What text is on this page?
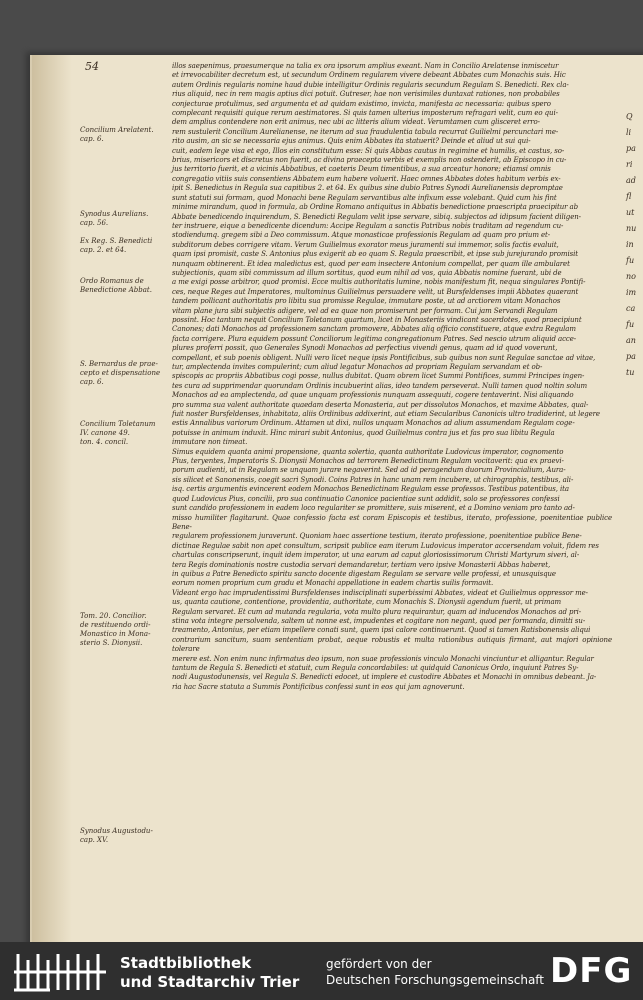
54

Concilium Arelatent.
cap. 6.

Synodus Aurelians.
cap. 56.

Ex Reg. S. Benedicti
cap. 2. et 64.

Ordo Romanus de
Benedictione Abbat.

S. Bernardus de prae-
cepto et dispensatione
cap. 6.

Concilium Toletanum
IV. canone 49.
ton. 4. concil.

Tom. 20. Concilior.
de restituendo ordi-
Monastico in Mona-
sterio S. Dionysii.

Synodus Augustodu-
cap. XV.

illos saepenimus, praesumerque na talia ex ora ipsorum amplius exeant. Nam in Concilio Arelatense inmiscetur
et irrevocabiliter decretum est, ut secundum Ordinem regularem vivere debeant Abbates cum Monachis suis. Hic
autem Ordinis regularis nomine haud dubie intelligitur Ordinis regularis secundum Regulam S. Benedicti. Rex cla-
rius aliquid, nec in rem magis aptius dici potuit. Gutreser, hae non verisimiles duntaxat rationes, non probabiles
conjecturae protulimus, sed argumenta et ad quidam existimo, invicta, manifesta ac necessaria: quibus spero
complecant requisiti quique rerum aestimatores. Si quis tamen ulterius imposterum refragari velit, cum eo qui-
dem amplius contendere non erit animus, nec ubi ac litteris alium videat. Verumtamen cum glisceret erro-
rem sustulerit Concilium Aurelianense, ne iterum ad sua fraudulentia tabula recurrat Guilielmi percunctari me-
rito ausim, an sic se necessaria ejus animus. Quis enim Abbates ita statuerit? Deinde et aliud ut sui qui-
cuit, eadem lege visa et ego, Illos ein constitutum esse: Si quis Abbas cautus in regimine et humilis, et castus, so-
brius, misericors et discretus non fuerit, ac divina praecepta verbis et exemplis non ostenderit, ab Episcopo in cu-
jus territorio fuerit, et a vicinis Abbatibus, et caeteris Deum timentibus, a sua arceatur honore; etiamsi omnis
congregatio vitiis suis consentiens Abbatem eum habere voluerit. Haec omnes Abbates dotes habitum verbis ex-
ipit S. Benedictus in Regula sua capitibus 2. et 64. Ex quibus sine dubio Patres Synodi Aurelianensis depromptae
sunt statuti sui formam, quod Monachi bene Regulam servantibus alte infixum esse volebant. Quid cum his fint
minime mirandum, quod in formula, ab Ordine Romano antiquitus in Abbatis benedictione praescripta praecipitur ab
Abbate benedicendo inquirendum, S. Benedicti Regulam velit ipse servare, sibiq. subjectos ad idipsum facient diligen-
ter instruere, eique a benedicente dicendum: Accipe Regulam a sanctis Patribus nobis traditam ad regendum cu-
stodiendumq. gregem sibi a Deo commissum. Atque monasticae professionis Regulam ad quam pro prium et-
subditorum debes corrigere vitam. Verum Guilielmus exorator meus juramenti sui immemor, solis factis evaluit,
quam ipsi promisit, caste S. Antonius plus exigerit ab eo quam S. Regula praescribit, et ipse sub jurejurando promisit
nunquam obtinerent. Et idea maledictus est, quod per eam insectere Antonium compellat, per quam ille ambularet
subjectionis, quam sibi commissum ad illum sortitus, quod eum nihil ad vos, quia Abbatis nomine fuerant, ubi de
a me exigi posse arbitror, quod promisi. Ecce multis authoritatis lumine, nobis manifestum fit, nequa singulares Pontifi-
ces, neque Reges aut Imperatores, multominus Guilielmus persuadere velit, ut Bursfeldenses impii Abbates quaerant
tandem pollicant authoritatis pro libitu sua promisse Regulae, immutare poste, ut ad arctiorem vitam Monachos
vitam plane jura sibi subjectis adigere, vel ad ea quae non promiserunt per formam. Cui jam Servandi Regulam
possint. Hoc tantum nequit Concilium Toletanum quartum, licet in Monasteriis vindicant sacerdotes, quod praecipiunt
Canones; dati Monachos ad professionem sanctam promovere, Abbates aliq officio constituere, atque extra Regulam
facta corrigere. Plura equidem possunt Conciliorum legitima congregationum Patres. Sed nescio utrum aliquid acce-
plures proferri possit, quo Generales Synodi Monachos ad perfectius vivendi genus, quam ad id quod voverunt,
compellant, et sub poenis obligent. Nulli vero licet neque ipsis Pontificibus, sub quibus non sunt Regulae sanctae ad vitae,
tur, amplectenda invites compulerint; cum aliud legatur Monachos ad propriam Regulam servandam et ob-
spiscopis ac propriis Abbatibus cogi posse, nullus dubitat. Quam obrem licet Summi Pontifices, summi Principes ingen-
tes cura ad supprimendar quorundam Ordinis incubuerint alias, ideo tandem perseverat. Nulli tamen quod noltin solum
Monachos ad ea amplectenda, ad quae unquam professionis nunquam assequuti, cogere tentaverint. Nisi aliquando
pro summa sua valent authoritate quaedam deserta Monasteria, aut per dissolutos Monachos, et maxime Abbates, qual-
fuit noster Bursfeldenses, inhabitata, aliis Ordinibus addixerint, aut etiam Secularibus Canonicis ultro tradiderint, ut legere
estis Annalibus variorum Ordinum. Attamen ut dixi, nullos unquam Monachos ad alium assumendam Regulam coge-
potuisse in animum induxit. Hinc mirari subit Antonius, quod Guilielmus contra jus et fas pro sua libitu Regula
immutare non timeat.
Simus equidem quanta animi propensione, quanta solertia, quanta authoritate Ludovicus imperator, cognomento
Pius, teryentes, Imperatoris S. Dionysii Monachos ad terrorem Benedictinum Regulam vocitaverit: qua ex praevi-
porum audienti, ut in Regulam se unquam jurare negaverint. Sed ad id peragendum duorum Provincialium, Aura-
sis silicet et Sanonensis, coegit sacri Synodi. Coins Patres in hanc unam rem incubere, ut chirographis, testibus, ali-
isq. certis argumentis evincerent eodem Monachos Benedictinam Regulam esse professos. Testibus patentibus, ita
quod Ludovicus Pius, concilii, pro sua continuatio Canonice pacientiae sunt addidit, solo se professores confessi
sunt candido professionem in eadem loco regulariter se promittere, suis miserent, et a Domino veniam pro tanto ad-
misso humiliter flagitarunt. Quae confessio facta est coram Episcopis et testibus, iterato, professione, poenitentiae publice Bene-
regularem professionem juraverunt. Quoniam haec assertione testium, iterato professione, poenitentiae publice Bene-
dictinae Regulae sabit non apet consultum, scripsit publice eam iterum Ludovicus imperator accersendam voluit, fidem res
chartulas conscripserunt, inquit idem imperator, ut una earum ad caput gloriosissimorum Christi Martyrum siveri, al-
tera Regis dominationis nostre custodia servari demandaretur, tertiam vero ipsive Monasterii Abbas haberet,
in quibus a Patre Benedicto spiritu sancto docente digestam Regulam se servare velle professi, et unusquisque
eorum nomen proprium cum gradu et Monachi appellatione in eadem chartis suilis formavit.
Videant ergo hac imprudentissimi Bursfeldenses indisciplinati superbissimi Abbates, videat et Guilielmus oppressor me-
us, quanta cautione, contentione, providentia, authoritate, cum Monachis S. Dionysii agendum fuerit, ut primam
Regulam servaret. Et cum ad mutanda regularia, vota multo plura requirantur, quam ad inducendos Monachos ad pri-
stina vota integre persolvenda, saltem ut nonne est, impudentes et cogitare non negant, quod per formanda, dimitti su-
treamento, Antonius, per etiam impellere conati sunt, quem ipsi calore continuerunt. Quod si tamen Ratisbonensis aliqui
contrarium sancitum, suam sententiam probat, aeque robustis et multa rationibus autiquis firmant, aut majori opinione tolerare
merere est. Non enim nunc infirmatus deo ipsum, non suae professionis vinculo Monachi vinciuntur et alligantur. Regular
tantum de Regula S. Benedicti et statuit, cum Regula concordabiles: ut quidquid Canonicus Ordo, inquiunt Patres Sy-
nodi Augustodunensis, vel Regula S. Benedicti edocet, ut implere et custodire Abbates et Monachi in omnibus debeant. Ja-
ria hac Sacre statuta a Summis Pontificibus confessi sunt in eos qui jam agnoverunt.

Q

li

pa

ri

ad

fl

ut

nu

in

fu

no

im

ca

fu

an

pa

tu

Stadtbibliothek

und Stadtarchiv Trier

gefördert von der

Deutschen Forschungsgemeinschaft DFG
